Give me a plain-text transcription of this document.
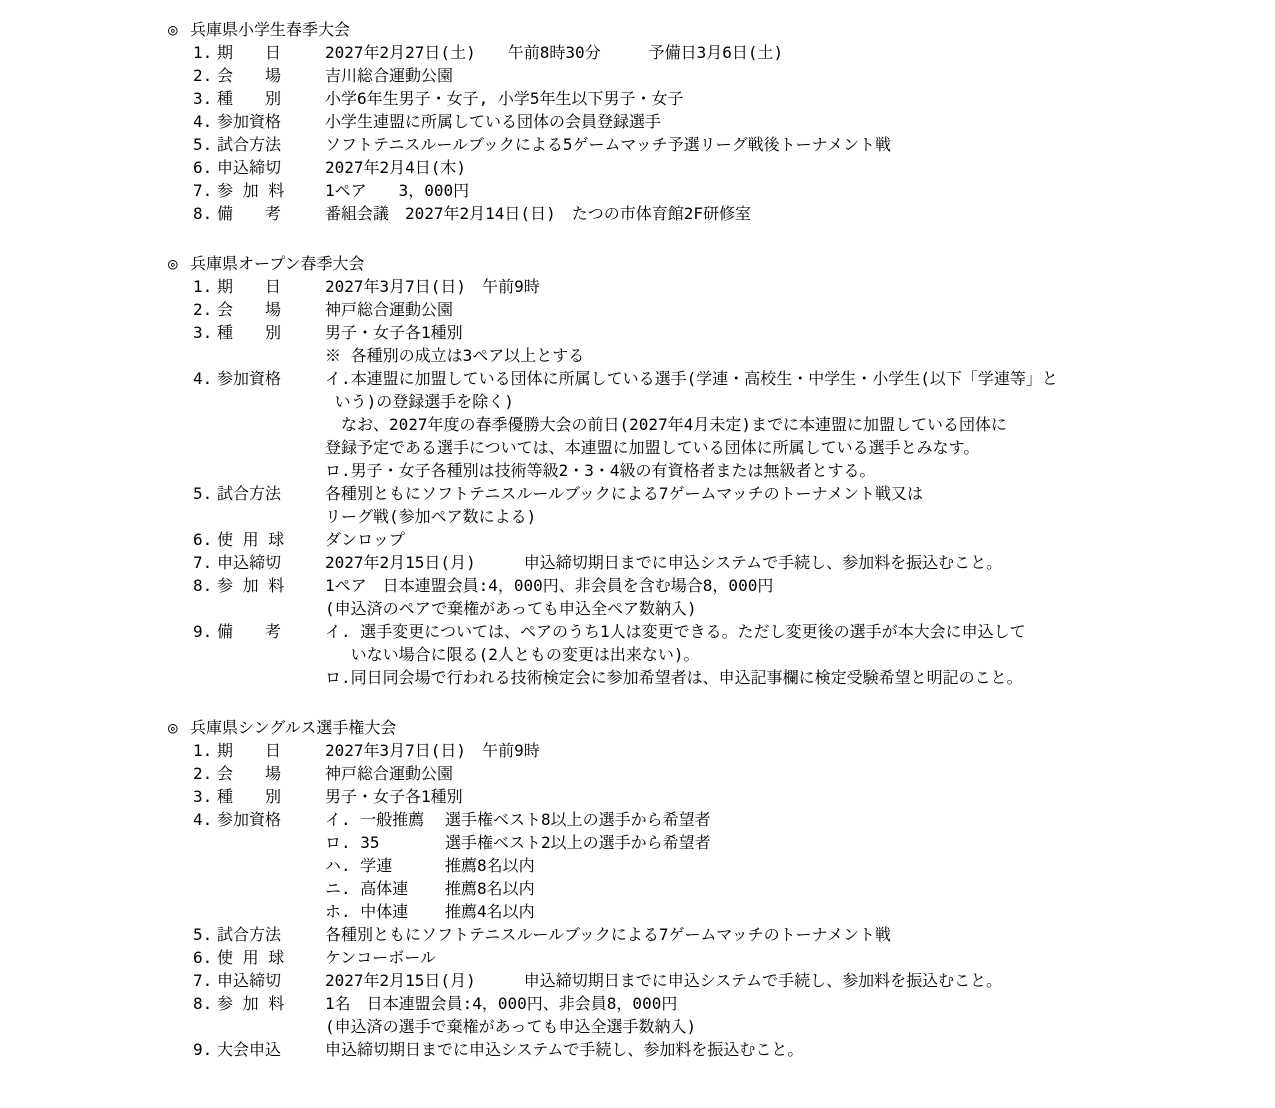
◎ 兵庫県小学生春季大会
1. 期　　日	2027年2月27日(土)　　午前8時30分　　　予備日3月6日(土)
2. 会　　場	吉川総合運動公園
3. 種　　別	小学6年生男子・女子, 小学5年生以下男子・女子
4. 参加資格	小学生連盟に所属している団体の会員登録選手
5. 試合方法	ソフトテニスルールブックによる5ゲームマッチ予選リーグ戦後トーナメント戦
6. 申込締切	2027年2月4日(木)
7. 参 加 料	1ペア　　3，000円
8. 備　　考	番組会議　2027年2月14日(日)　たつの市体育館2F研修室
◎ 兵庫県オープン春季大会
1. 期　　日	2027年3月7日(日)　午前9時
2. 会　　場	神戸総合運動公園
3. 種　　別	男子・女子各1種別
※ 各種別の成立は3ペア以上とする
4. 参加資格	イ.本連盟に加盟している団体に所属している選手(学連・高校生・中学生・小学生(以下「学連等」と
いう)の登録選手を除く)
　なお、2027年度の春季優勝大会の前日(2027年4月未定)までに本連盟に加盟している団体に
登録予定である選手については、本連盟に加盟している団体に所属している選手とみなす。
ロ.男子・女子各種別は技術等級2・3・4級の有資格者または無級者とする。
5. 試合方法	各種別ともにソフトテニスルールブックによる7ゲームマッチのトーナメント戦又は
リーグ戦(参加ペア数による)
6. 使 用 球	ダンロップ
7. 申込締切	2027年2月15日(月)　　　申込締切期日までに申込システムで手続し、参加料を振込むこと。
8. 参 加 料	1ペア　日本連盟会員:4，000円、非会員を含む場合8，000円
(申込済のペアで棄権があっても申込全ペア数納入)
9. 備　　考	イ. 選手変更については、ペアのうち1人は変更できる。ただし変更後の選手が本大会に申込して
　 いない場合に限る(2人ともの変更は出来ない)。
ロ.同日同会場で行われる技術検定会に参加希望者は、申込記事欄に検定受験希望と明記のこと。
◎ 兵庫県シングルス選手権大会
1. 期　　日	2027年3月7日(日)　午前9時
2. 会　　場	神戸総合運動公園
3. 種　　別	男子・女子各1種別
4. 参加資格	イ. 一般推薦 選手権ベスト8以上の選手から希望者
ロ. 35	選手権ベスト2以上の選手から希望者
ハ. 学連	推薦8名以内
ニ. 高体連 推薦8名以内
ホ. 中体連 推薦4名以内
5. 試合方法	各種別ともにソフトテニスルールブックによる7ゲームマッチのトーナメント戦
6. 使 用 球	ケンコーボール
7. 申込締切	2027年2月15日(月)　　　申込締切期日までに申込システムで手続し、参加料を振込むこと。
8. 参 加 料	1名　日本連盟会員:4，000円、非会員8，000円
(申込済の選手で棄権があっても申込全選手数納入)
9. 大会申込	申込締切期日までに申込システムで手続し、参加料を振込むこと。
